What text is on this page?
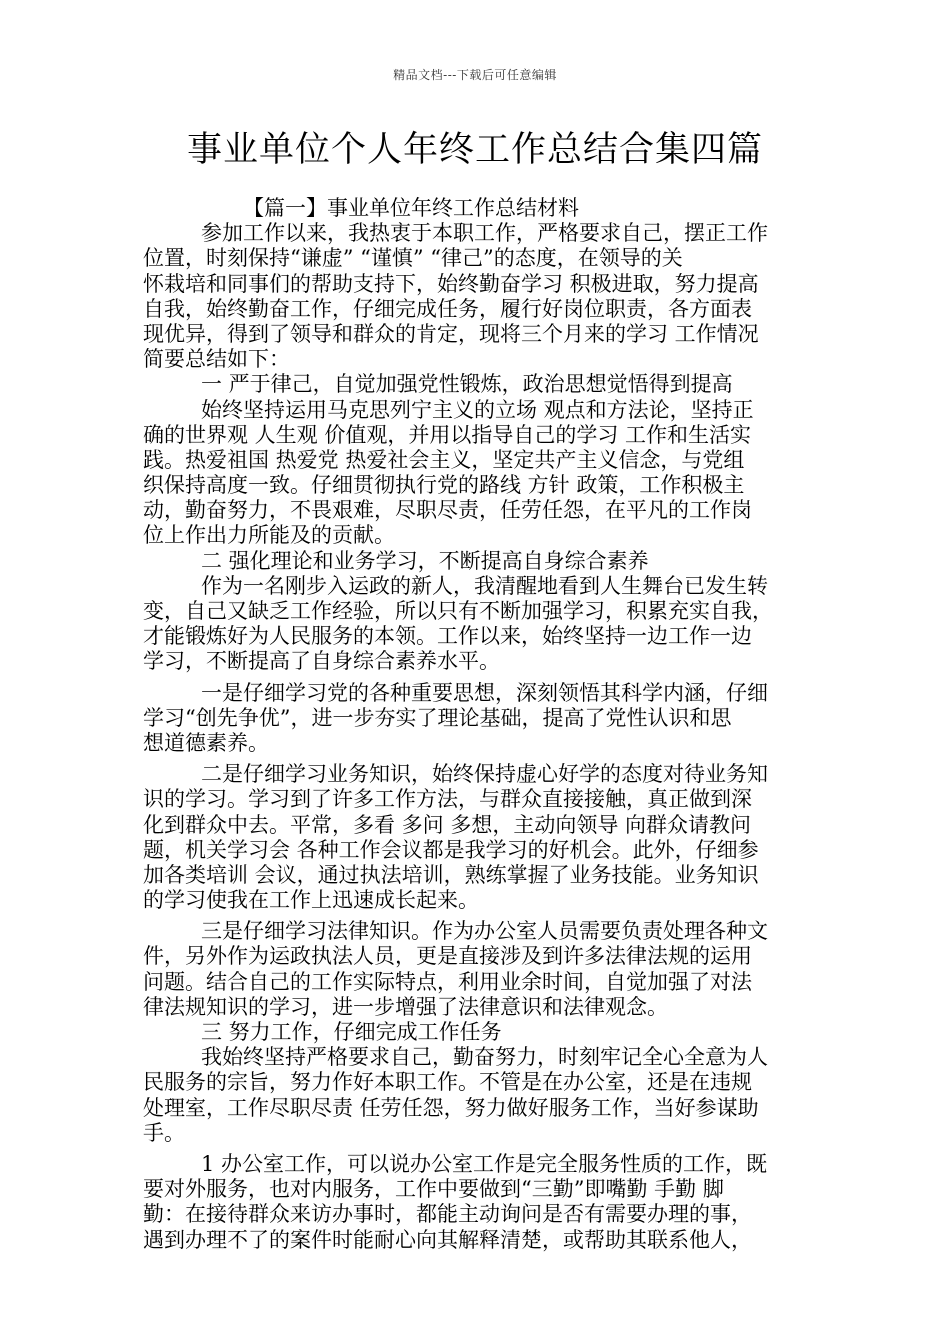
精品文档---下载后可任意编辑
事业单位个人年终工作总结合集四篇
【篇一】事业单位年终工作总结材料
参加工作以来，我热衷于本职工作，严格要求自己，摆正工作
位置，时刻保持“谦虚” “谨慎” “律己”的态度，在领导的关
怀栽培和同事们的帮助支持下，始终勤奋学习 积极进取，努力提高
自我，始终勤奋工作，仔细完成任务，履行好岗位职责，各方面表
现优异，得到了领导和群众的肯定，现将三个月来的学习 工作情况
简要总结如下：
一 严于律己，自觉加强党性锻炼，政治思想觉悟得到提高
始终坚持运用马克思列宁主义的立场 观点和方法论，坚持正
确的世界观 人生观 价值观，并用以指导自己的学习 工作和生活实
践。热爱祖国 热爱党 热爱社会主义，坚定共产主义信念，与党组
织保持高度一致。仔细贯彻执行党的路线 方针 政策，工作积极主
动，勤奋努力，不畏艰难，尽职尽责，任劳任怨，在平凡的工作岗
位上作出力所能及的贡献。
二 强化理论和业务学习，不断提高自身综合素养
作为一名刚步入运政的新人，我清醒地看到人生舞台已发生转
变，自己又缺乏工作经验，所以只有不断加强学习，积累充实自我，
才能锻炼好为人民服务的本领。工作以来，始终坚持一边工作一边
学习，不断提高了自身综合素养水平。
一是仔细学习党的各种重要思想，深刻领悟其科学内涵，仔细
学习“创先争优”，进一步夯实了理论基础，提高了党性认识和思
想道德素养。
二是仔细学习业务知识，始终保持虚心好学的态度对待业务知
识的学习。学习到了许多工作方法，与群众直接接触，真正做到深
化到群众中去。平常，多看 多问 多想，主动向领导 向群众请教问
题，机关学习会 各种工作会议都是我学习的好机会。此外，仔细参
加各类培训 会议，通过执法培训，熟练掌握了业务技能。业务知识
的学习使我在工作上迅速成长起来。
三是仔细学习法律知识。作为办公室人员需要负责处理各种文
件，另外作为运政执法人员，更是直接涉及到许多法律法规的运用
问题。结合自己的工作实际特点，利用业余时间，自觉加强了对法
律法规知识的学习，进一步增强了法律意识和法律观念。
三 努力工作，仔细完成工作任务
我始终坚持严格要求自己，勤奋努力，时刻牢记全心全意为人
民服务的宗旨，努力作好本职工作。不管是在办公室，还是在违规
处理室，工作尽职尽责 任劳任怨，努力做好服务工作，当好参谋助
手。
1 办公室工作，可以说办公室工作是完全服务性质的工作，既
要对外服务，也对内服务，工作中要做到“三勤”即嘴勤 手勤 脚
勤：在接待群众来访办事时，都能主动询问是否有需要办理的事，
遇到办理不了的案件时能耐心向其解释清楚，或帮助其联系他人，
